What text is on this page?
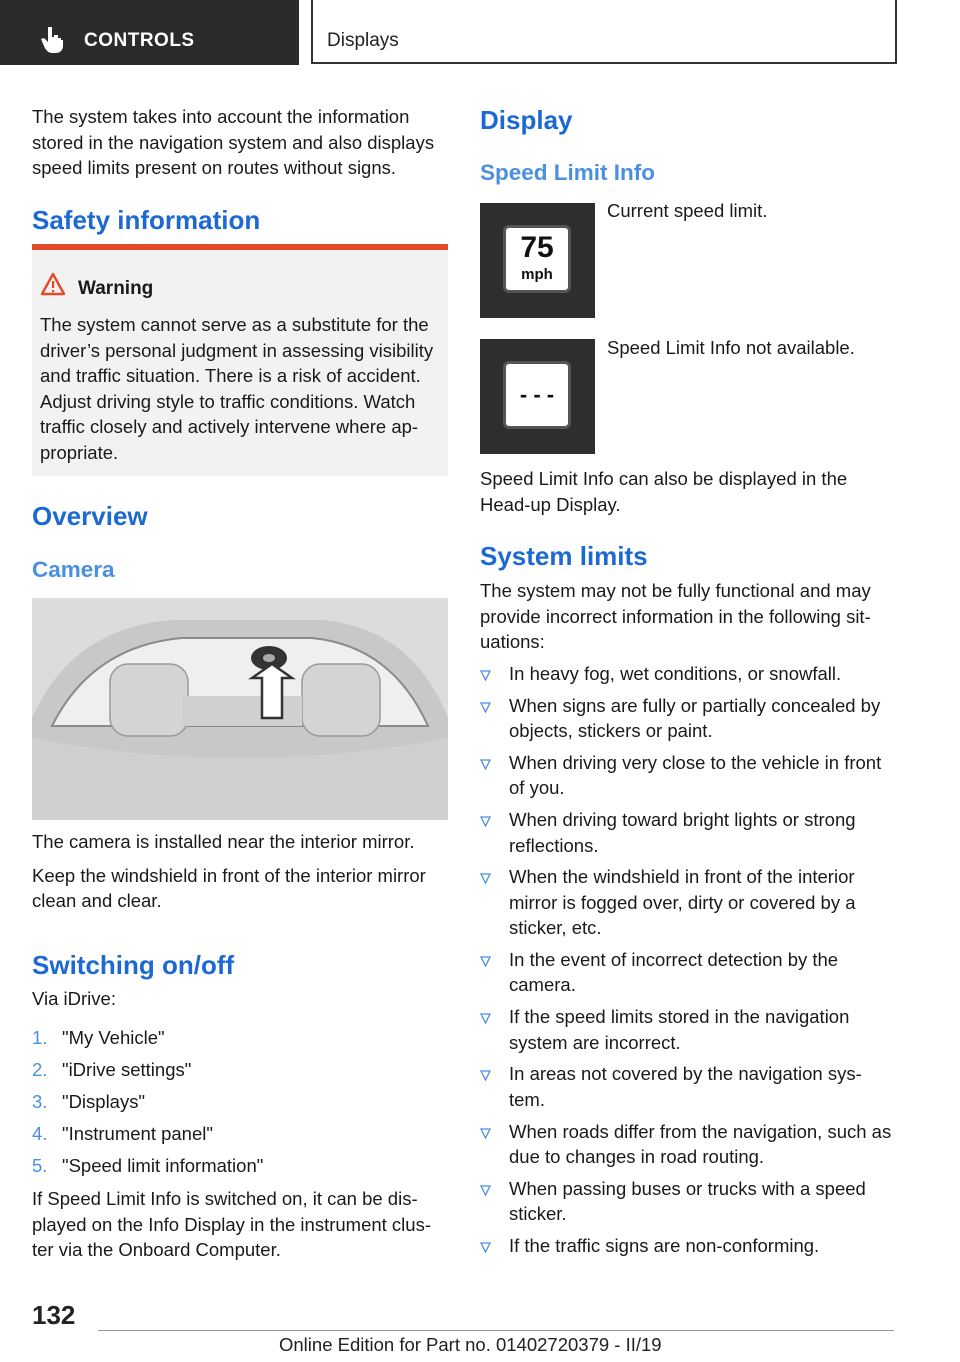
CONTROLS	Displays

The system takes into account the information stored in the navigation system and also displays speed limits present on routes without signs.

Safety information
Warning
The system cannot serve as a substitute for the driver’s personal judgment in assessing visibility and traffic situation. There is a risk of accident. Adjust driving style to traffic conditions. Watch traffic closely and actively intervene where ap‐ propriate.
Overview
Camera

The camera is installed near the interior mirror.

Keep the windshield in front of the interior mirror clean and clear.

Switching on/off

Via iDrive:

1. "My Vehicle"
2. "iDrive settings"
3. "Displays"
4. "Instrument panel"
5. "Speed limit information"

If Speed Limit Info is switched on, it can be dis‐ played on the Info Display in the instrument clus‐ ter via the Onboard Computer.

Display
Speed Limit Info
75
mph

Current speed limit.

- - -

Speed Limit Info not available.

Speed Limit Info can also be displayed in the Head-up Display.

System limits

The system may not be fully functional and may provide incorrect information in the following sit‐ uations:

In heavy fog, wet conditions, or snowfall.
When signs are fully or partially concealed by objects, stickers or paint.
When driving very close to the vehicle in front of you.
When driving toward bright lights or strong reflections.
When the windshield in front of the interior mirror is fogged over, dirty or covered by a sticker, etc.
In the event of incorrect detection by the camera.
If the speed limits stored in the navigation system are incorrect.
In areas not covered by the navigation sys‐ tem.
When roads differ from the navigation, such as due to changes in road routing.
When passing buses or trucks with a speed sticker.
If the traffic signs are non-conforming.
132
Online Edition for Part no. 01402720379 - II/19
